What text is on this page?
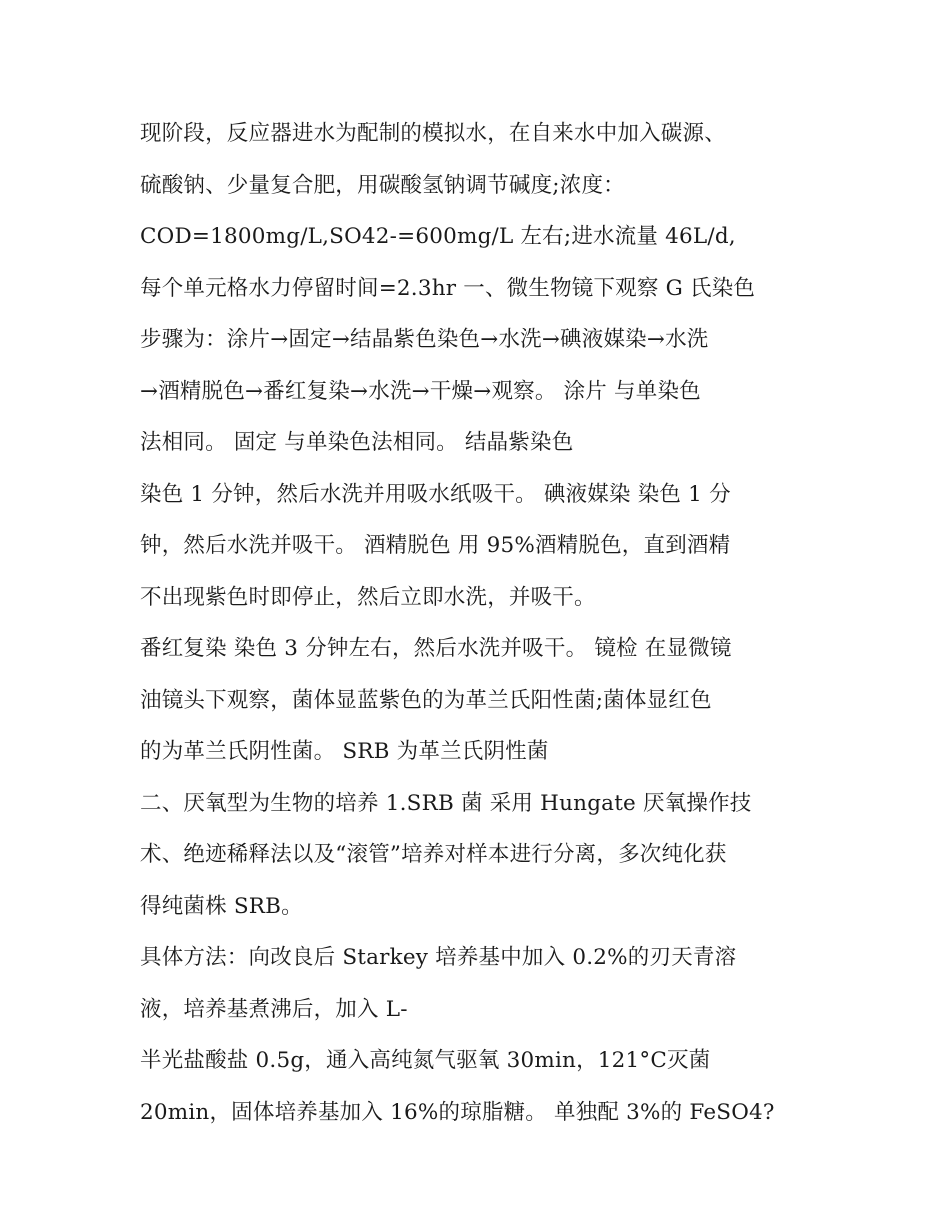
现阶段，反应器进水为配制的模拟水，在自来水中加入碳源、
硫酸钠、少量复合肥，用碳酸氢钠调节碱度;浓度：
COD=1800mg/L,SO42-=600mg/L 左右;进水流量 46L/d,
每个单元格水力停留时间=2.3hr 一、微生物镜下观察 G 氏染色
步骤为：涂片→固定→结晶紫色染色→水洗→碘液媒染→水洗
→酒精脱色→番红复染→水洗→干燥→观察。 涂片 与单染色
法相同。 固定 与单染色法相同。 结晶紫染色
染色 1 分钟，然后水洗并用吸水纸吸干。 碘液媒染 染色 1 分
钟，然后水洗并吸干。 酒精脱色 用 95%酒精脱色，直到酒精
不出现紫色时即停止，然后立即水洗，并吸干。
番红复染 染色 3 分钟左右，然后水洗并吸干。 镜检 在显微镜
油镜头下观察，菌体显蓝紫色的为革兰氏阳性菌;菌体显红色
的为革兰氏阴性菌。 SRB 为革兰氏阴性菌
二、厌氧型为生物的培养 1.SRB 菌 采用 Hungate 厌氧操作技
术、绝迹稀释法以及“滚管”培养对样本进行分离，多次纯化获
得纯菌株 SRB。
具体方法：向改良后 Starkey 培养基中加入 0.2%的刃天青溶
液，培养基煮沸后，加入 L-
半光盐酸盐 0.5g，通入高纯氮气驱氧 30min，121°C灭菌
20min，固体培养基加入 16%的琼脂糖。 单独配 3%的 FeSO4?
